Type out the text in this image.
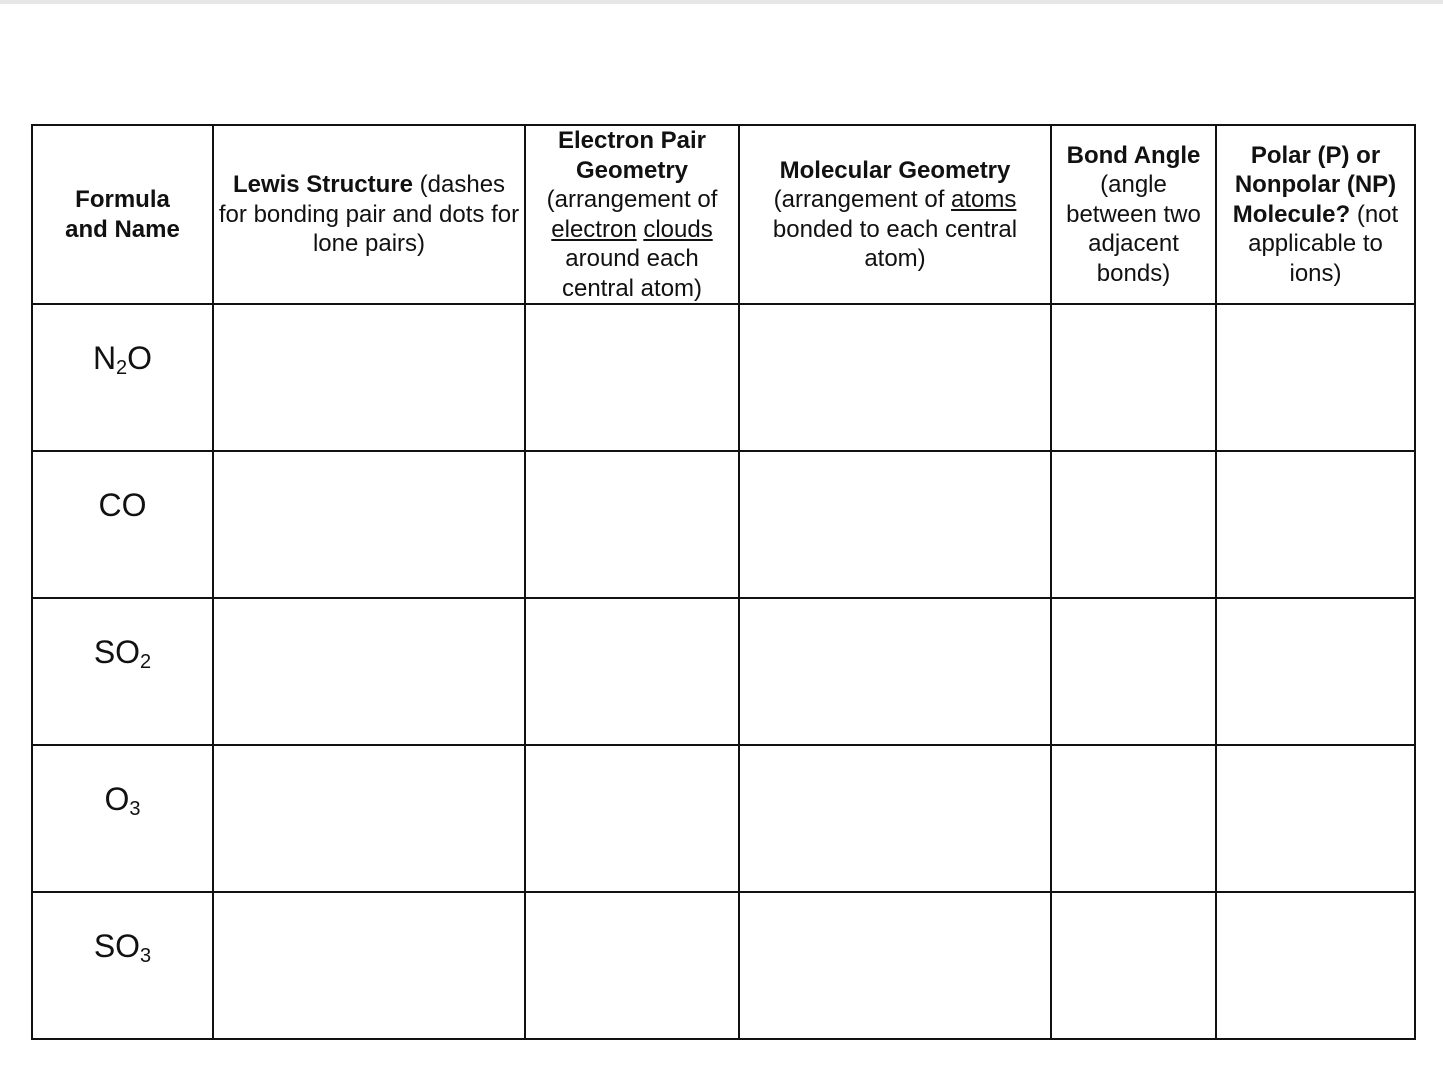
Formula and Name	Lewis Structure (dashes for bonding pair and dots for lone pairs)	Electron Pair Geometry (arrangement of electron clouds around each central atom)	Molecular Geometry (arrangement of atoms bonded to each central atom)	Bond Angle (angle between two adjacent bonds)	Polar (P) or Nonpolar (NP) Molecule? (not applicable to ions)

$N_2O$					

CO					

$SO_2$

$O_3$

$SO_3$
